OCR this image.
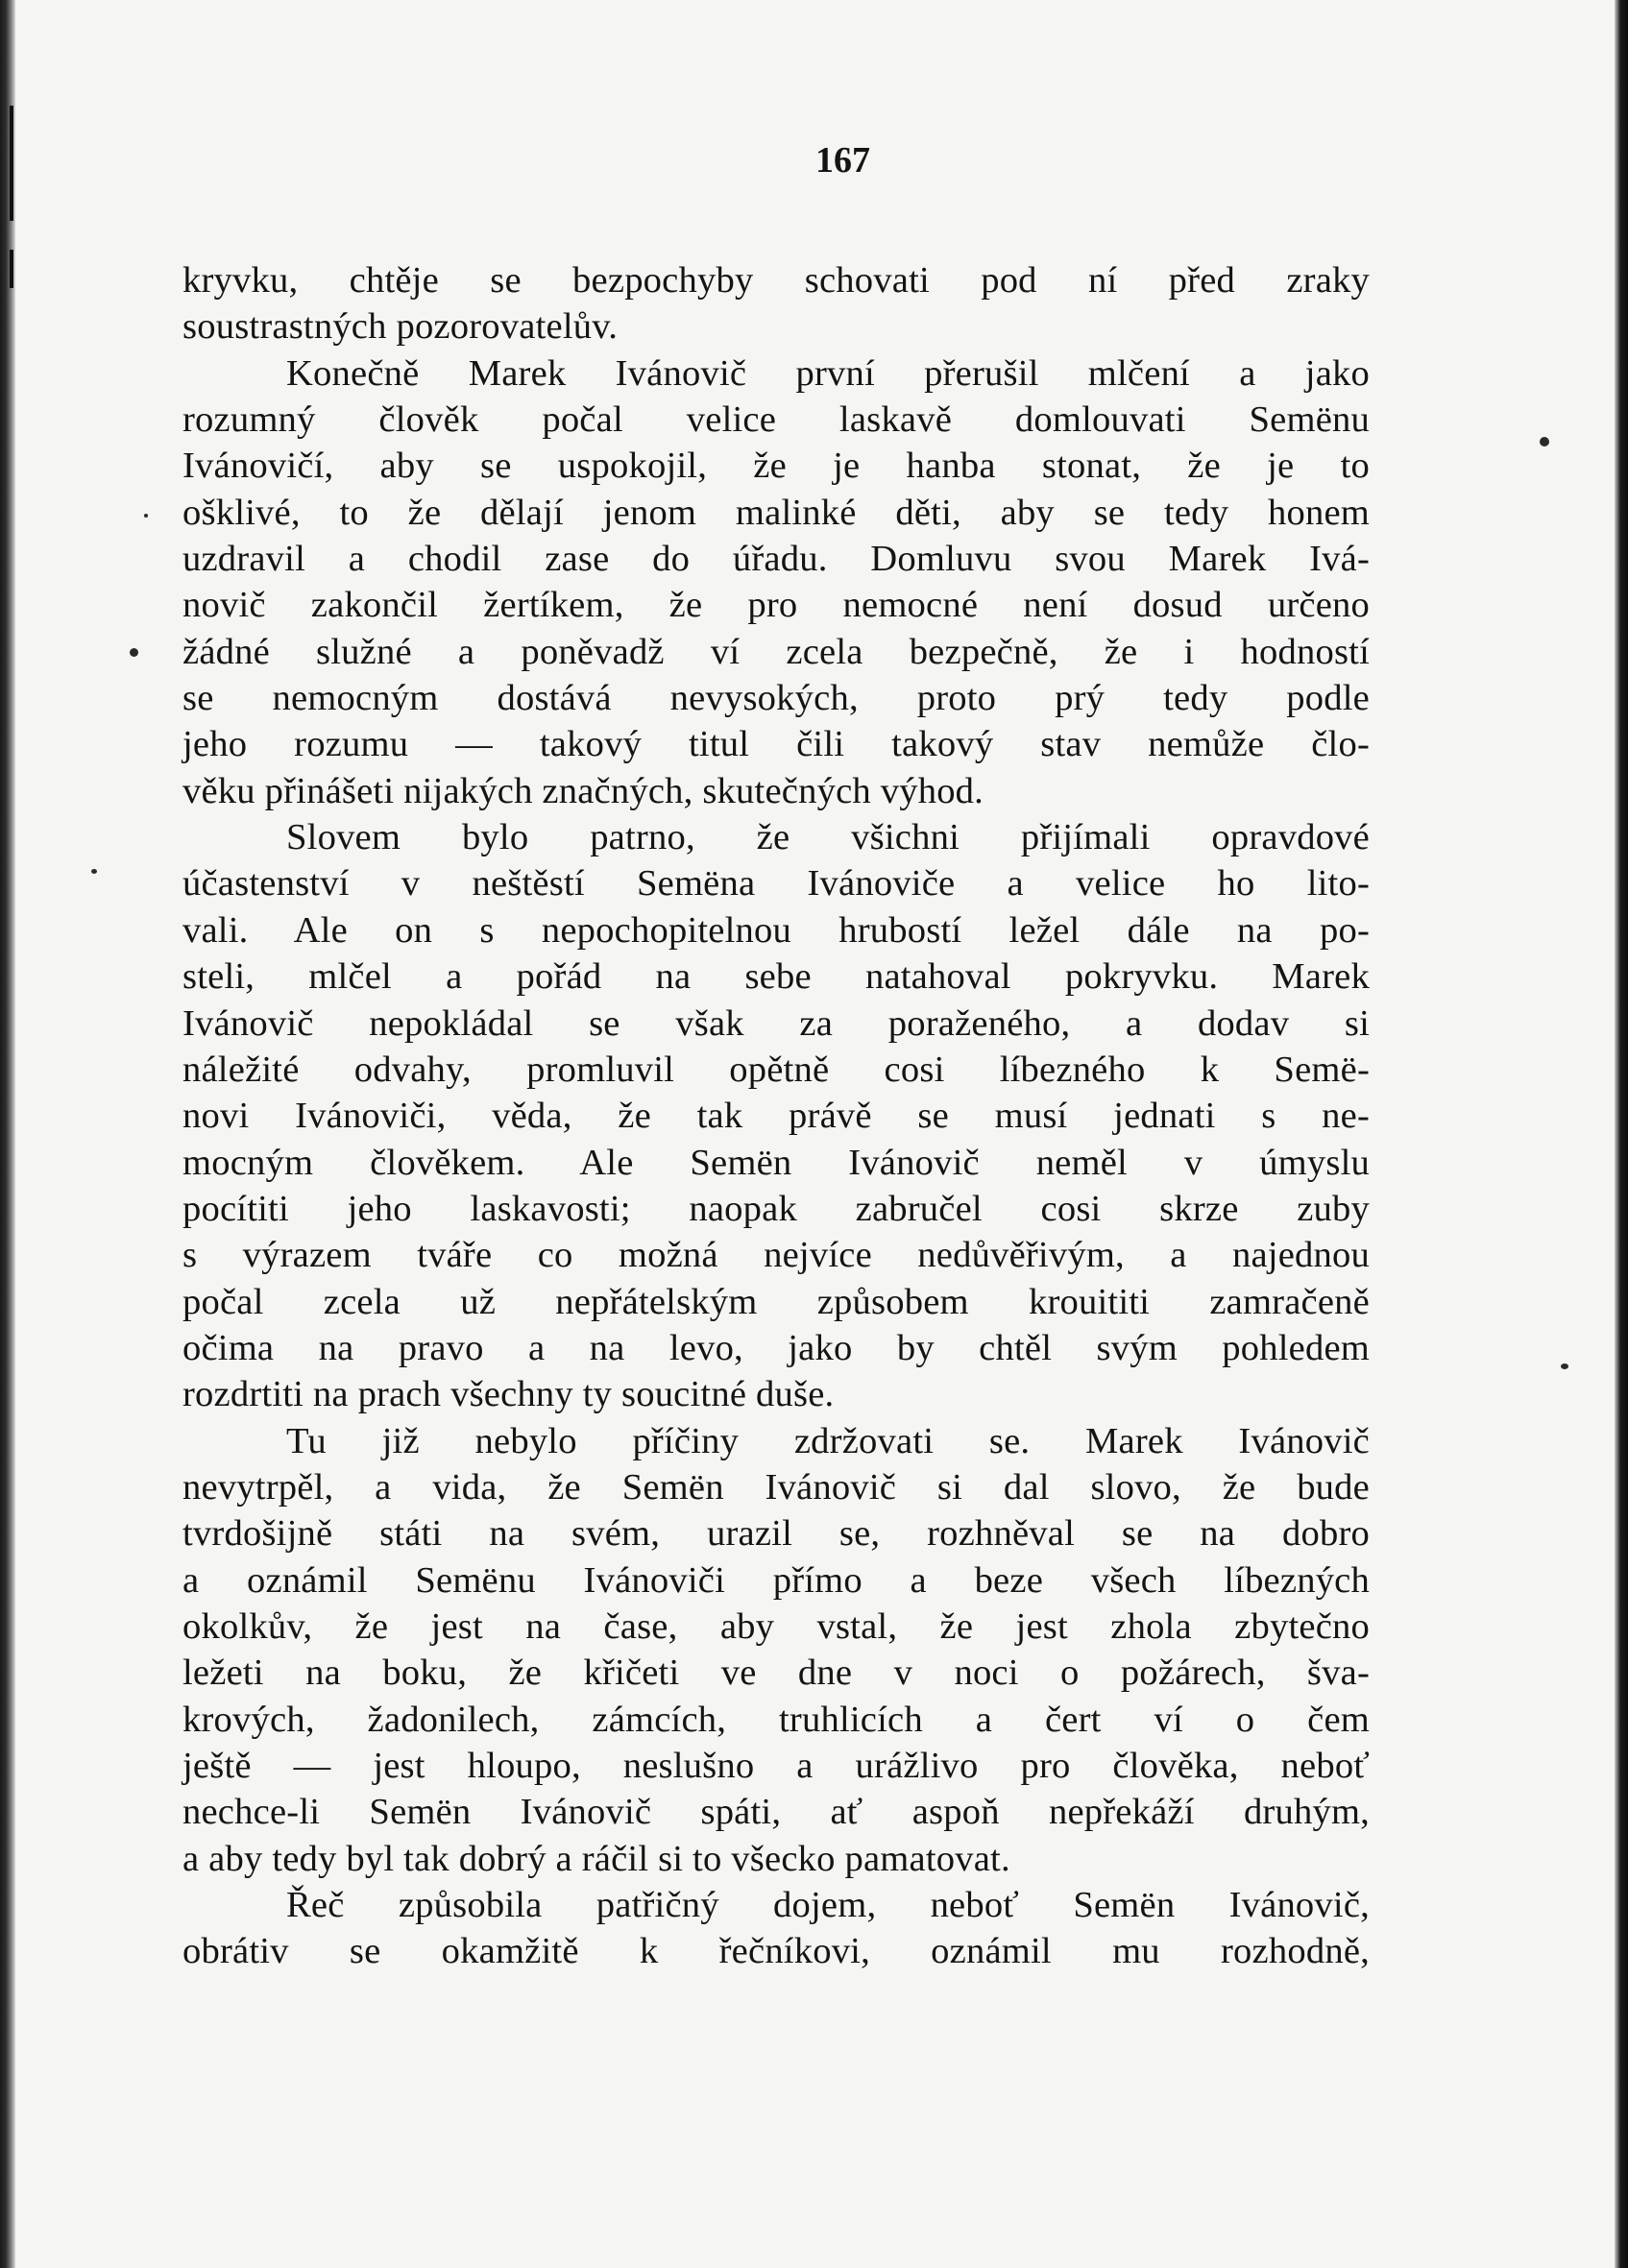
167
kryvku, chtěje se bezpochyby schovati pod ní před zraky
soustrastných pozorovatelův.
Konečně Marek Ivánovič první přerušil mlčení a jako
rozumný člověk počal velice laskavě domlouvati Semënu
Ivánovičí, aby se uspokojil, že je hanba stonat, že je to
ošklivé, to že dělají jenom malinké děti, aby se tedy honem
uzdravil a chodil zase do úřadu. Domluvu svou Marek Ivá-
novič zakončil žertíkem, že pro nemocné není dosud určeno
žádné služné a poněvadž ví zcela bezpečně, že i hodností
se nemocným dostává nevysokých, proto prý tedy podle
jeho rozumu — takový titul čili takový stav nemůže člo-
věku přinášeti nijakých značných, skutečných výhod.
Slovem bylo patrno, že všichni přijímali opravdové
účastenství v neštěstí Semëna Ivánoviče a velice ho lito-
vali. Ale on s nepochopitelnou hrubostí ležel dále na po-
steli, mlčel a pořád na sebe natahoval pokryvku. Marek
Ivánovič nepokládal se však za poraženého, a dodav si
náležité odvahy, promluvil opětně cosi líbezného k Semë-
novi Ivánoviči, věda, že tak právě se musí jednati s ne-
mocným člověkem. Ale Semën Ivánovič neměl v úmyslu
pocítiti jeho laskavosti; naopak zabručel cosi skrze zuby
s výrazem tváře co možná nejvíce nedůvěřivým, a najednou
počal zcela už nepřátelským způsobem krouititi zamračeně
očima na pravo a na levo, jako by chtěl svým pohledem
rozdrtiti na prach všechny ty soucitné duše.
Tu již nebylo příčiny zdržovati se. Marek Ivánovič
nevytrpěl, a vida, že Semën Ivánovič si dal slovo, že bude
tvrdošijně státi na svém, urazil se, rozhněval se na dobro
a oznámil Semënu Ivánoviči přímo a beze všech líbezných
okolkův, že jest na čase, aby vstal, že jest zhola zbytečno
ležeti na boku, že křičeti ve dne v noci o požárech, šva-
krových, žadonilech, zámcích, truhlicích a čert ví o čem
ještě — jest hloupo, neslušno a urážlivo pro člověka, neboť
nechce-li Semën Ivánovič spáti, ať aspoň nepřekáží druhým,
a aby tedy byl tak dobrý a ráčil si to všecko pamatovat.
Řeč způsobila patřičný dojem, neboť Semën Ivánovič,
obrátiv se okamžitě k řečníkovi, oznámil mu rozhodně,
